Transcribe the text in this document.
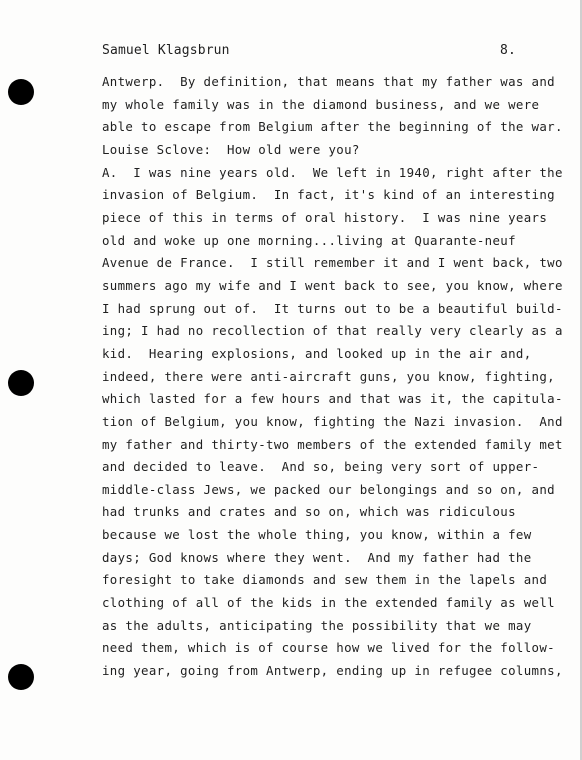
Samuel Klagsbrun	8.
Antwerp.  By definition, that means that my father was and
my whole family was in the diamond business, and we were
able to escape from Belgium after the beginning of the war.
Louise Sclove:  How old were you?
A.  I was nine years old.  We left in 1940, right after the
invasion of Belgium.  In fact, it's kind of an interesting
piece of this in terms of oral history.  I was nine years
old and woke up one morning...living at Quarante-neuf
Avenue de France.  I still remember it and I went back, two
summers ago my wife and I went back to see, you know, where
I had sprung out of.  It turns out to be a beautiful build-
ing; I had no recollection of that really very clearly as a
kid.  Hearing explosions, and looked up in the air and,
indeed, there were anti-aircraft guns, you know, fighting,
which lasted for a few hours and that was it, the capitula-
tion of Belgium, you know, fighting the Nazi invasion.  And
my father and thirty-two members of the extended family met
and decided to leave.  And so, being very sort of upper-
middle-class Jews, we packed our belongings and so on, and
had trunks and crates and so on, which was ridiculous
because we lost the whole thing, you know, within a few
days; God knows where they went.  And my father had the
foresight to take diamonds and sew them in the lapels and
clothing of all of the kids in the extended family as well
as the adults, anticipating the possibility that we may
need them, which is of course how we lived for the follow-
ing year, going from Antwerp, ending up in refugee columns,
